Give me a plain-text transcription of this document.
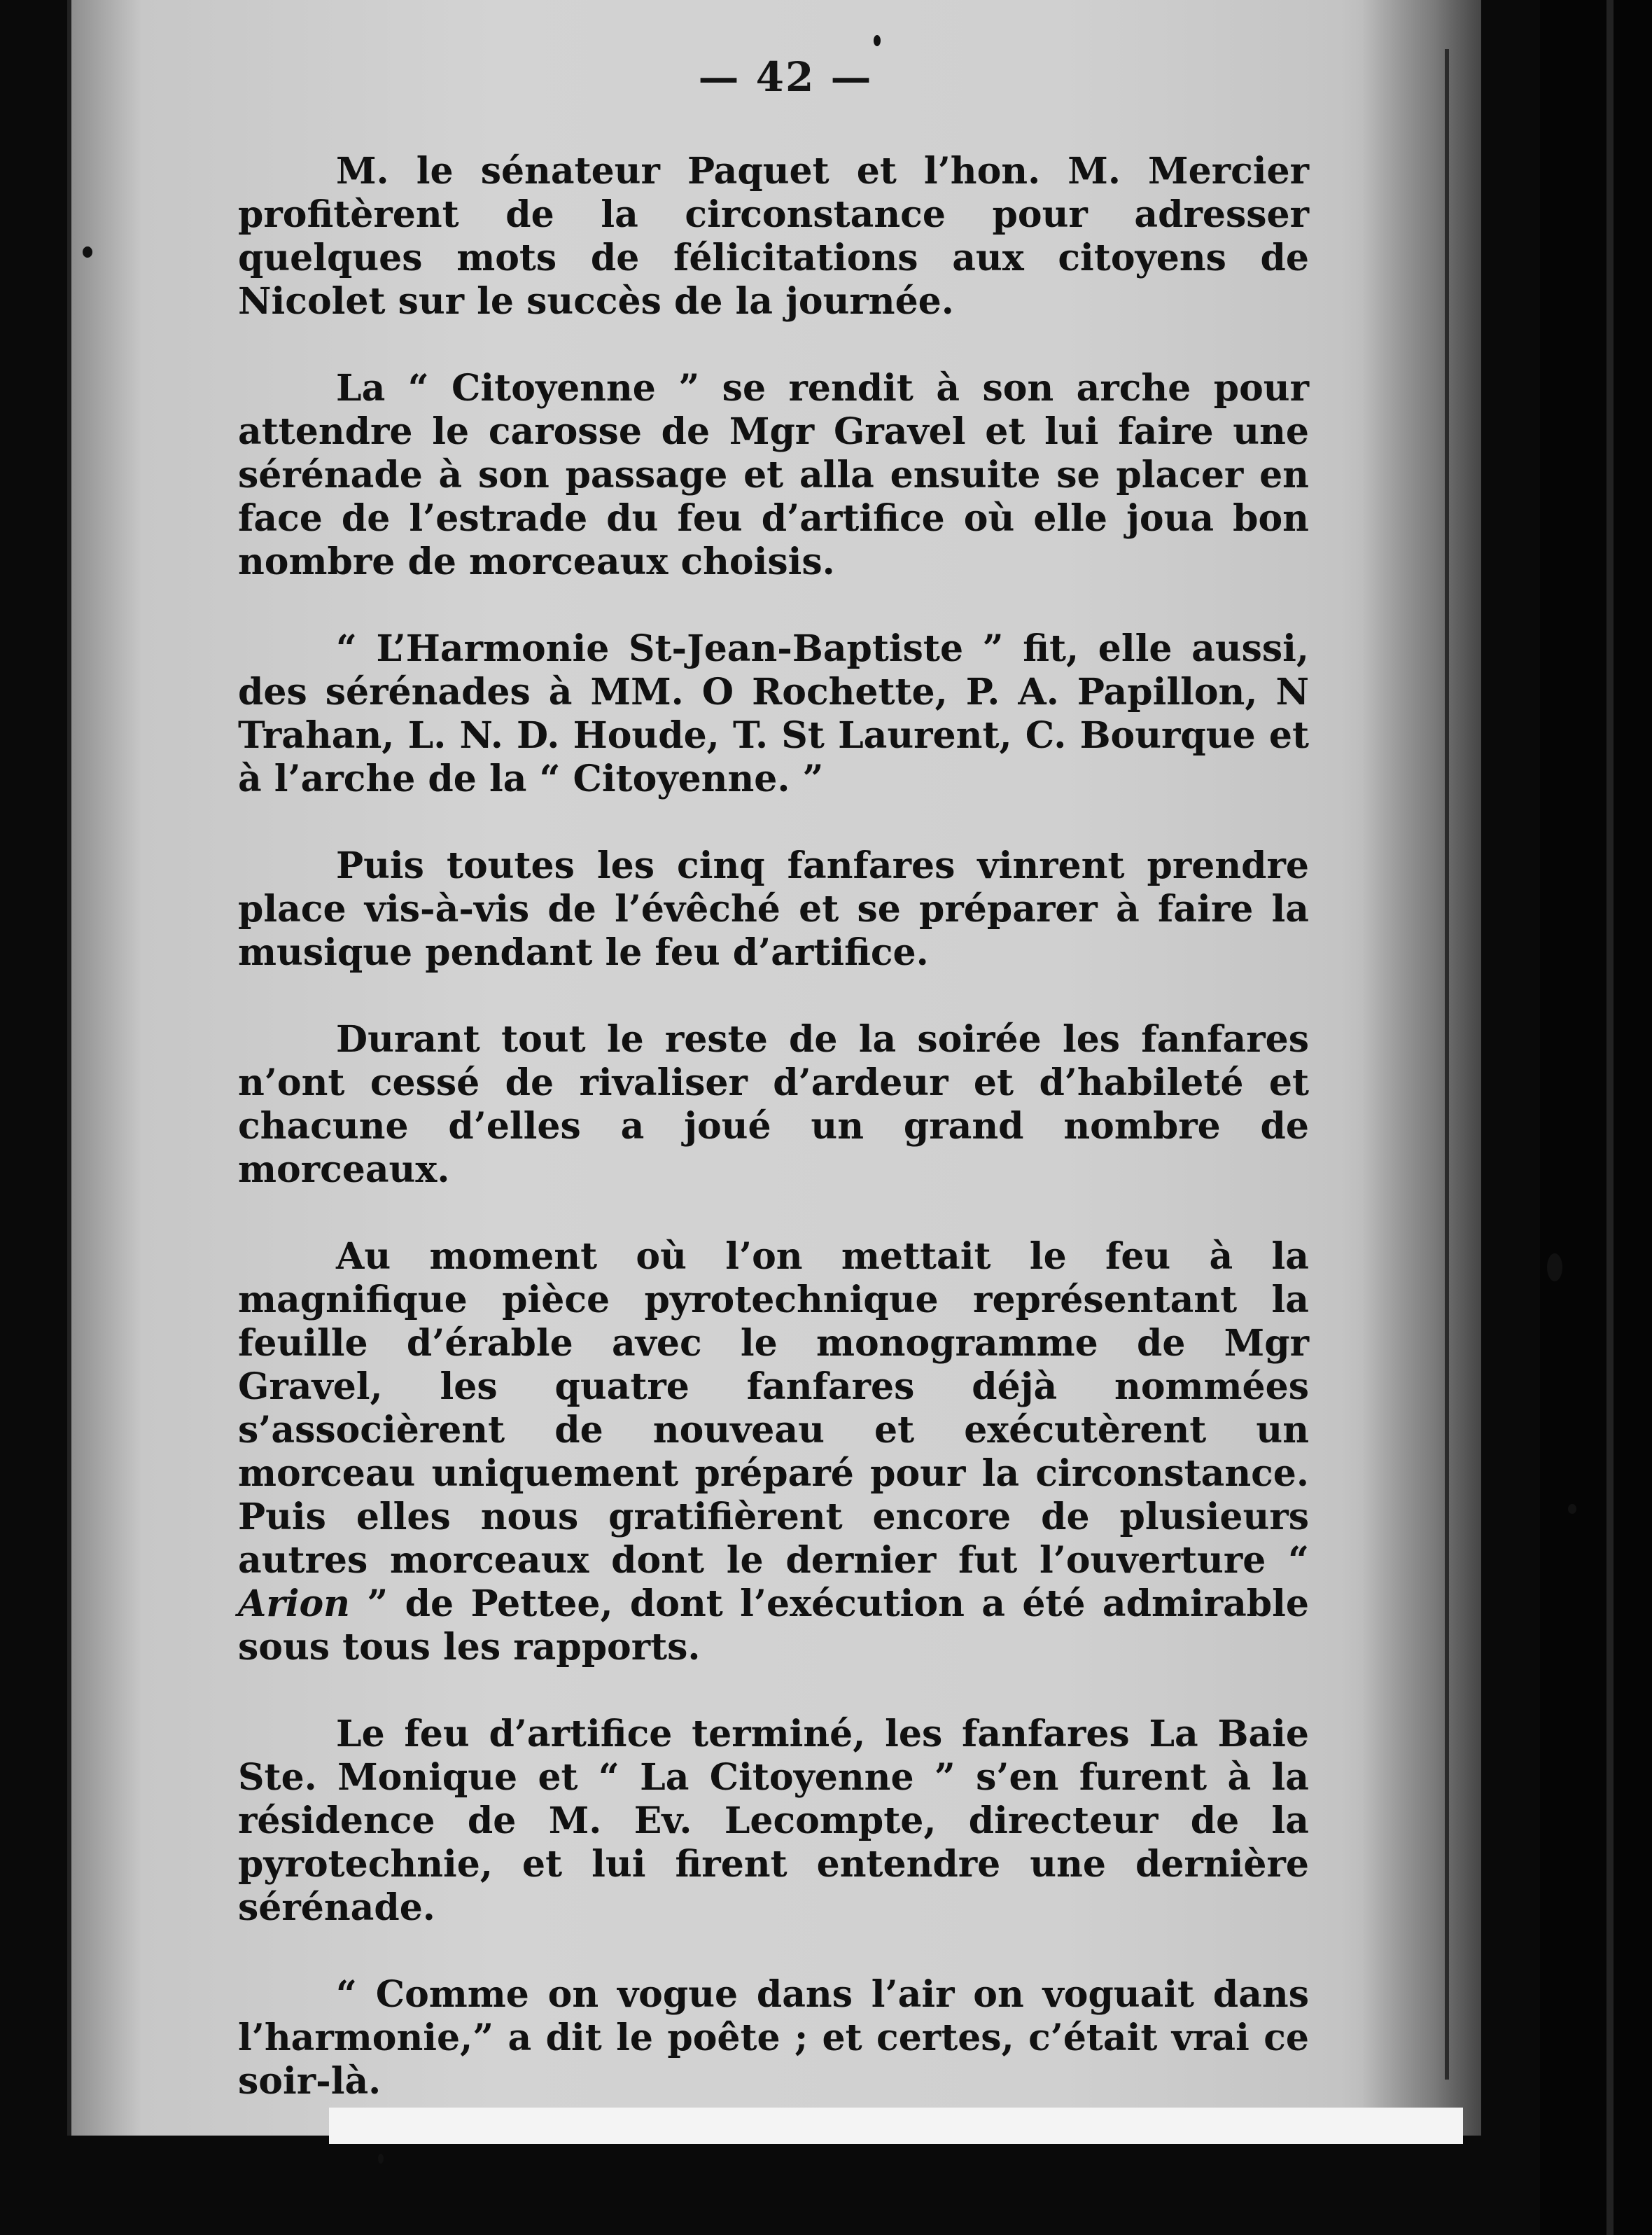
— 42 —

M. le sénateur Paquet et l’hon. M. Mercier profitèrent de la circonstance pour adresser quelques mots de félicitations aux citoyens de Nicolet sur le succès de la journée.

La “ Citoyenne ” se rendit à son arche pour attendre le carosse de Mgr Gravel et lui faire une sérénade à son passage et alla ensuite se placer en face de l’estrade du feu d’artifice où elle joua bon nombre de morceaux choisis.

“ L’Harmonie St-Jean-Baptiste ” fit, elle aussi, des sérénades à MM. O Rochette, P. A. Papillon, N Trahan, L. N. D. Houde, T. St Laurent, C. Bourque et à l’arche de la “ Citoyenne. ”

Puis toutes les cinq fanfares vinrent prendre place vis-à-vis de l’évêché et se préparer à faire la musique pendant le feu d’artifice.

Durant tout le reste de la soirée les fanfares n’ont cessé de rivaliser d’ardeur et d’habileté et chacune d’elles a joué un grand nombre de morceaux.

Au moment où l’on mettait le feu à la magnifique pièce pyrotechnique représentant la feuille d’érable avec le monogramme de Mgr Gravel, les quatre fanfares déjà nommées s’associèrent de nouveau et exécutèrent un morceau uniquement préparé pour la circonstance. Puis elles nous gratifièrent encore de plusieurs autres morceaux dont le dernier fut l’ouverture “ Arion ” de Pettee, dont l’exécution a été admirable sous tous les rapports.

Le feu d’artifice terminé, les fanfares La Baie Ste. Monique et “ La Citoyenne ” s’en furent à la résidence de M. Ev. Lecompte, directeur de la pyrotechnie, et lui firent entendre une dernière sérénade.

“ Comme on vogue dans l’air on voguait dans l’harmonie,” a dit le poête ; et certes, c’était vrai ce soir-là.
